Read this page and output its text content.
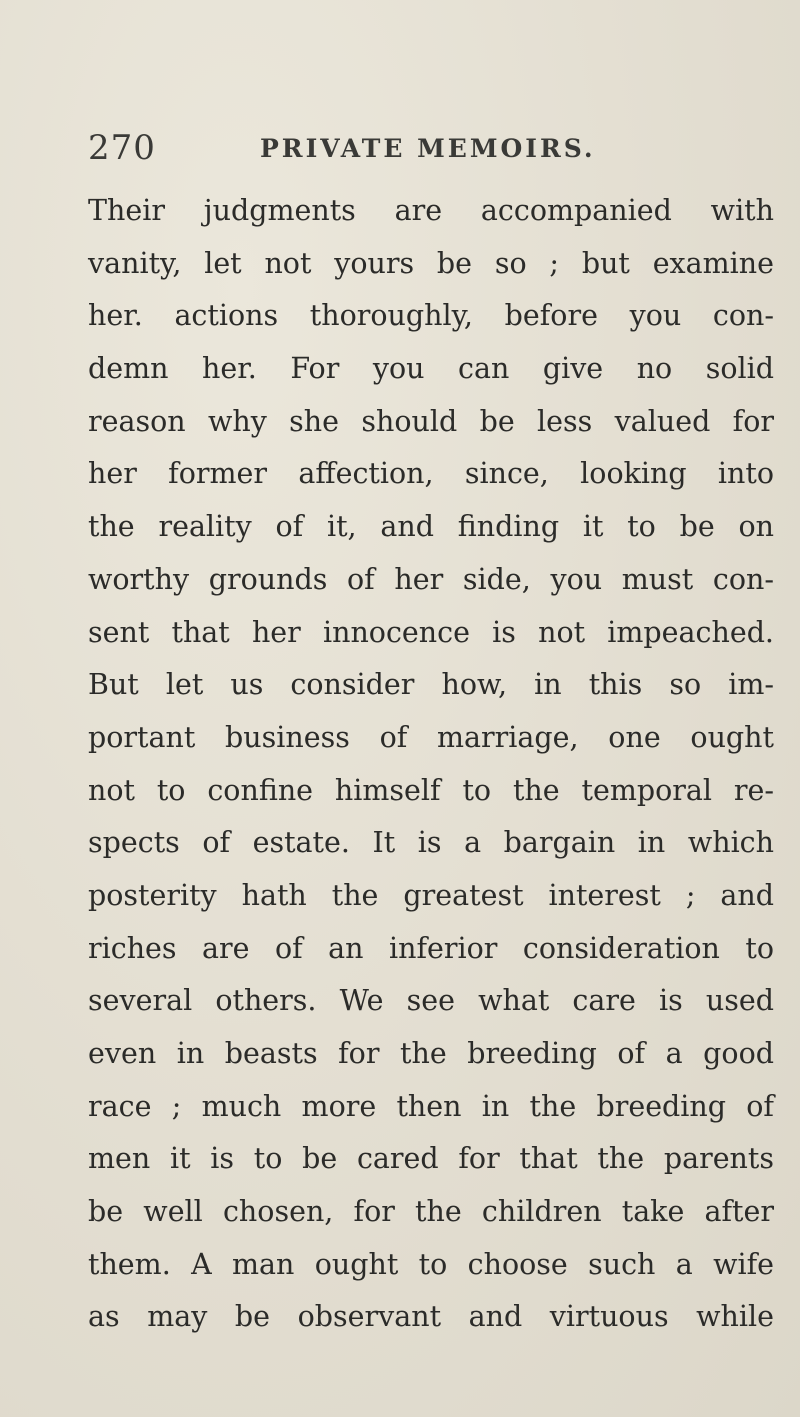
270	PRIVATE MEMOIRS.
Their judgments are accompanied with
vanity, let not yours be so ; but examine
her. actions thoroughly, before you con-
demn her. For you can give no solid
reason why she should be less valued for
her former affection, since, looking into
the reality of it, and finding it to be on
worthy grounds of her side, you must con-
sent that her innocence is not impeached.
But let us consider how, in this so im-
portant business of marriage, one ought
not to confine himself to the temporal re-
spects of estate. It is a bargain in which
posterity hath the greatest interest ; and
riches are of an inferior consideration to
several others. We see what care is used
even in beasts for the breeding of a good
race ; much more then in the breeding of
men it is to be cared for that the parents
be well chosen, for the children take after
them. A man ought to choose such a wife
as may be observant and virtuous while
